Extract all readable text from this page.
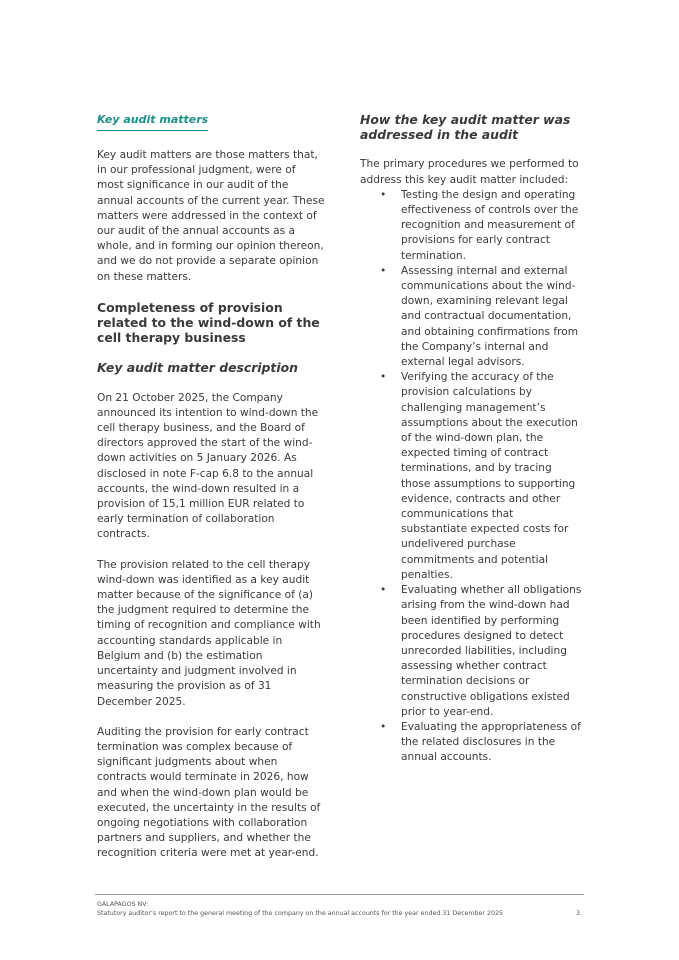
Key audit matters

Key audit matters are those matters that, in our professional judgment, were of most significance in our audit of the annual accounts of the current year. These matters were addressed in the context of our audit of the annual accounts as a whole, and in forming our opinion thereon, and we do not provide a separate opinion on these matters.

Completeness of provision related to the wind-down of the cell therapy business
Key audit matter description

On 21 October 2025, the Company announced its intention to wind-down the cell therapy business, and the Board of directors approved the start of the wind-down activities on 5 January 2026. As disclosed in note F-cap 6.8 to the annual accounts, the wind-down resulted in a provision of 15,1 million EUR related to early termination of collaboration contracts.

The provision related to the cell therapy wind-down was identified as a key audit matter because of the significance of (a) the judgment required to determine the timing of recognition and compliance with accounting standards applicable in Belgium and (b) the estimation uncertainty and judgment involved in measuring the provision as of 31 December 2025.

Auditing the provision for early contract termination was complex because of significant judgments about when contracts would terminate in 2026, how and when the wind-down plan would be executed, the uncertainty in the results of ongoing negotiations with collaboration partners and suppliers, and whether the recognition criteria were met at year-end.

How the key audit matter was addressed in the audit

The primary procedures we performed to address this key audit matter included:

• Testing the design and operating effectiveness of controls over the recognition and measurement of provisions for early contract termination.
• Assessing internal and external communications about the wind-down, examining relevant legal and contractual documentation, and obtaining confirmations from the Company’s internal and external legal advisors.
• Verifying the accuracy of the provision calculations by challenging management’s assumptions about the execution of the wind-down plan, the expected timing of contract terminations, and by tracing those assumptions to supporting evidence, contracts and other communications that substantiate expected costs for undelivered purchase commitments and potential penalties.
• Evaluating whether all obligations arising from the wind-down had been identified by performing procedures designed to detect unrecorded liabilities, including assessing whether contract termination decisions or constructive obligations existed prior to year-end.
• Evaluating the appropriateness of the related disclosures in the annual accounts.
GALAPAGOS NV:
Statutory auditor’s report to the general meeting of the company on the annual accounts for the year ended 31 December 2025	3.
